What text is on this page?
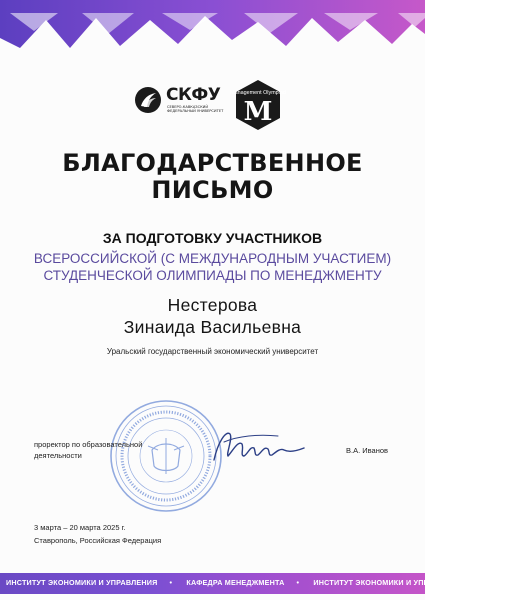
СКФУ
СЕВЕРО-КАВКАЗСКИЙ ФЕДЕРАЛЬНЫЙ УНИВЕРСИТЕТ
Management Olympiad
M
БЛАГОДАРСТВЕННОЕ
ПИСЬМО
ЗА ПОДГОТОВКУ УЧАСТНИКОВ
ВСЕРОССИЙСКОЙ (С МЕЖДУНАРОДНЫМ УЧАСТИЕМ)
СТУДЕНЧЕСКОЙ ОЛИМПИАДЫ ПО МЕНЕДЖМЕНТУ
Нестерова
Зинаида Васильевна
Уральский государственный экономический университет
проректор по образовательной
деятельности
В.А. Иванов
3 марта – 20 марта 2025 г.
Ставрополь, Российская Федерация
ИНСТИТУТ ЭКОНОМИКИ И УПРАВЛЕНИЯ • КАФЕДРА МЕНЕДЖМЕНТА • ИНСТИТУТ ЭКОНОМИКИ И УПРАВЛЕНИЯ • КАФЕ
